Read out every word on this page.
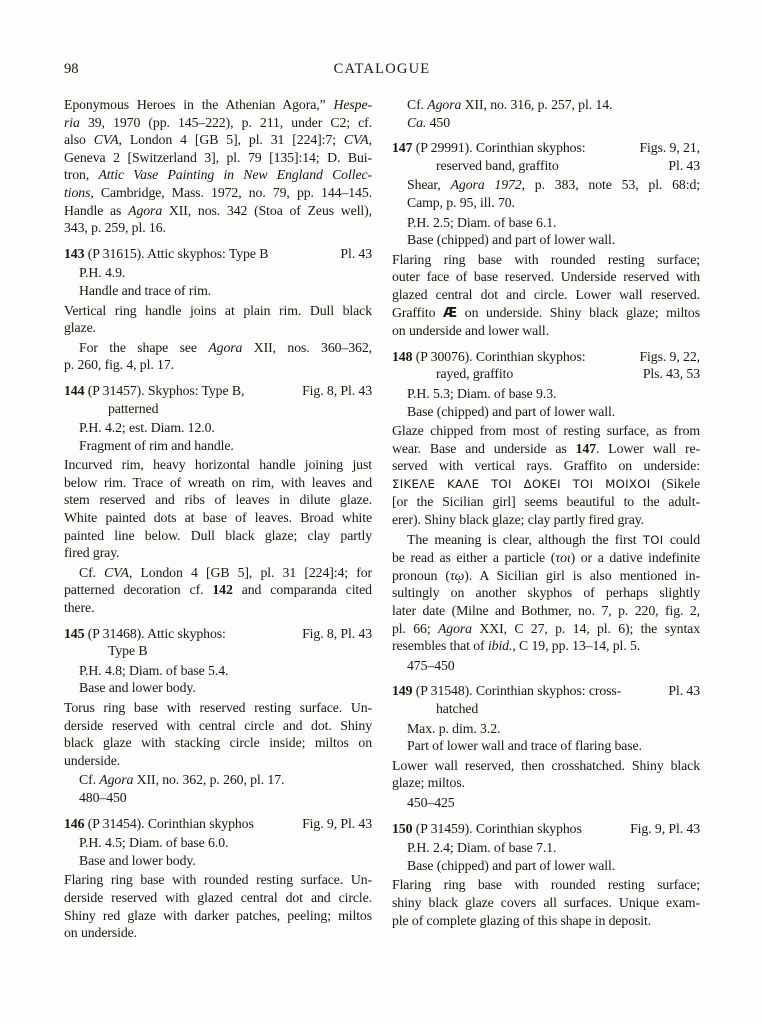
98	CATALOGUE
Eponymous Heroes in the Athenian Agora,” Hespe-
ria 39, 1970 (pp. 145–222), p. 211, under C2; cf.
also CVA, London 4 [GB 5], pl. 31 [224]:7; CVA,
Geneva 2 [Switzerland 3], pl. 79 [135]:14; D. Bui-
tron, Attic Vase Painting in New England Collec-
tions, Cambridge, Mass. 1972, no. 79, pp. 144–145.
Handle as Agora XII, nos. 342 (Stoa of Zeus well),
343, p. 259, pl. 16.
143 (P 31615). Attic skyphos: Type B	Pl. 43
P.H. 4.9.
Handle and trace of rim.
Vertical ring handle joins at plain rim. Dull black
glaze.
For the shape see Agora XII, nos. 360–362,
p. 260, fig. 4, pl. 17.
144 (P 31457). Skyphos: Type B,	Fig. 8, Pl. 43
patterned
P.H. 4.2; est. Diam. 12.0.
Fragment of rim and handle.
Incurved rim, heavy horizontal handle joining just
below rim. Trace of wreath on rim, with leaves and
stem reserved and ribs of leaves in dilute glaze.
White painted dots at base of leaves. Broad white
painted line below. Dull black glaze; clay partly
fired gray.
Cf. CVA, London 4 [GB 5], pl. 31 [224]:4; for
patterned decoration cf. 142 and comparanda cited
there.
145 (P 31468). Attic skyphos:	Fig. 8, Pl. 43
Type B
P.H. 4.8; Diam. of base 5.4.
Base and lower body.
Torus ring base with reserved resting surface. Un-
derside reserved with central circle and dot. Shiny
black glaze with stacking circle inside; miltos on
underside.
Cf. Agora XII, no. 362, p. 260, pl. 17.
480–450
146 (P 31454). Corinthian skyphos	Fig. 9, Pl. 43
P.H. 4.5; Diam. of base 6.0.
Base and lower body.
Flaring ring base with rounded resting surface. Un-
derside reserved with glazed central dot and circle.
Shiny red glaze with darker patches, peeling; miltos
on underside.
Cf. Agora XII, no. 316, p. 257, pl. 14.
Ca. 450
147 (P 29991). Corinthian skyphos:	Figs. 9, 21,
reserved band, graffito	Pl. 43
Shear, Agora 1972, p. 383, note 53, pl. 68:d;
Camp, p. 95, ill. 70.
P.H. 2.5; Diam. of base 6.1.
Base (chipped) and part of lower wall.
Flaring ring base with rounded resting surface;
outer face of base reserved. Underside reserved with
glazed central dot and circle. Lower wall reserved.
Graffito Æ on underside. Shiny black glaze; miltos
on underside and lower wall.
148 (P 30076). Corinthian skyphos:	Figs. 9, 22,
rayed, graffito	Pls. 43, 53
P.H. 5.3; Diam. of base 9.3.
Base (chipped) and part of lower wall.
Glaze chipped from most of resting surface, as from
wear. Base and underside as 147. Lower wall re-
served with vertical rays. Graffito on underside:
ΣΙΚΕΛΕ ΚΑΛΕ ΤΟΙ ΔΟΚΕΙ ΤΟΙ ΜΟΙΧΟΙ (Sikele
[or the Sicilian girl] seems beautiful to the adult-
erer). Shiny black glaze; clay partly fired gray.
The meaning is clear, although the first TOI could
be read as either a particle (τοι) or a dative indefinite
pronoun (τῳ). A Sicilian girl is also mentioned in-
sultingly on another skyphos of perhaps slightly
later date (Milne and Bothmer, no. 7, p. 220, fig. 2,
pl. 66; Agora XXI, C 27, p. 14, pl. 6); the syntax
resembles that of ibid., C 19, pp. 13–14, pl. 5.
475–450
149 (P 31548). Corinthian skyphos: cross-	Pl. 43
hatched
Max. p. dim. 3.2.
Part of lower wall and trace of flaring base.
Lower wall reserved, then crosshatched. Shiny black
glaze; miltos.
450–425
150 (P 31459). Corinthian skyphos	Fig. 9, Pl. 43
P.H. 2.4; Diam. of base 7.1.
Base (chipped) and part of lower wall.
Flaring ring base with rounded resting surface;
shiny black glaze covers all surfaces. Unique exam-
ple of complete glazing of this shape in deposit.
